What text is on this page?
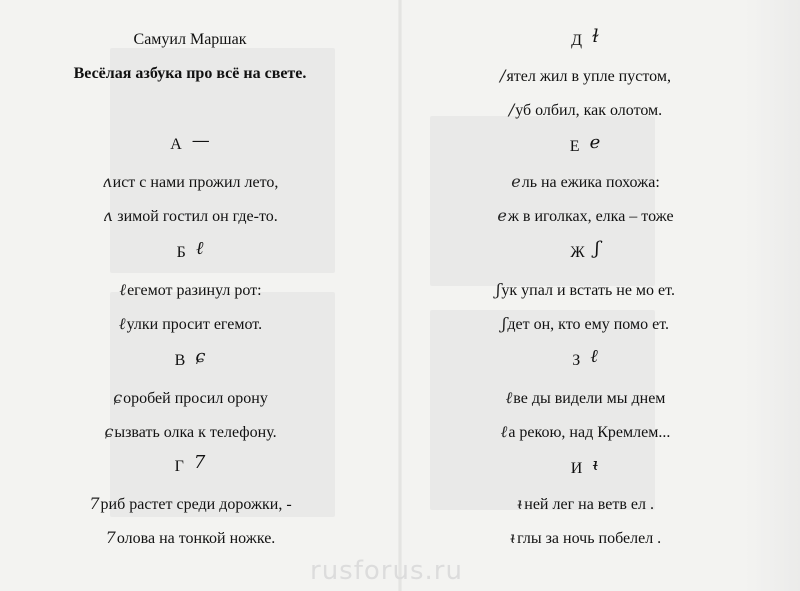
Самуил Маршак
Весёлая азбука про всё на свете.
А —
ʌист с нами прожил лето,
ʌ зимой гостил он где-то.
Б ℓ
ℓегемот разинул рот:
ℓулки просит егемот.
В ɕ
ɕоробей просил орону
ɕызвать олка к телефону.
Г 7
7риб растет среди дорожки, -
7олова на тонкой ножке.
Д ɫ
/ятел жил в упле пустом,
/уб олбил, как олотом.
Е e
eль на ежика похожа:
eж в иголках, елка – тоже
Ж ʃ
ʃук упал и встать не мо ет.
ʃдет он, кто ему помо ет.
З ℓ
ℓве ды видели мы днем
ℓа рекою, над Кремлем...
И ᵼ
ᵼней лег на ветв ел .
ᵼглы за ночь побелел .
rusforus.ru
